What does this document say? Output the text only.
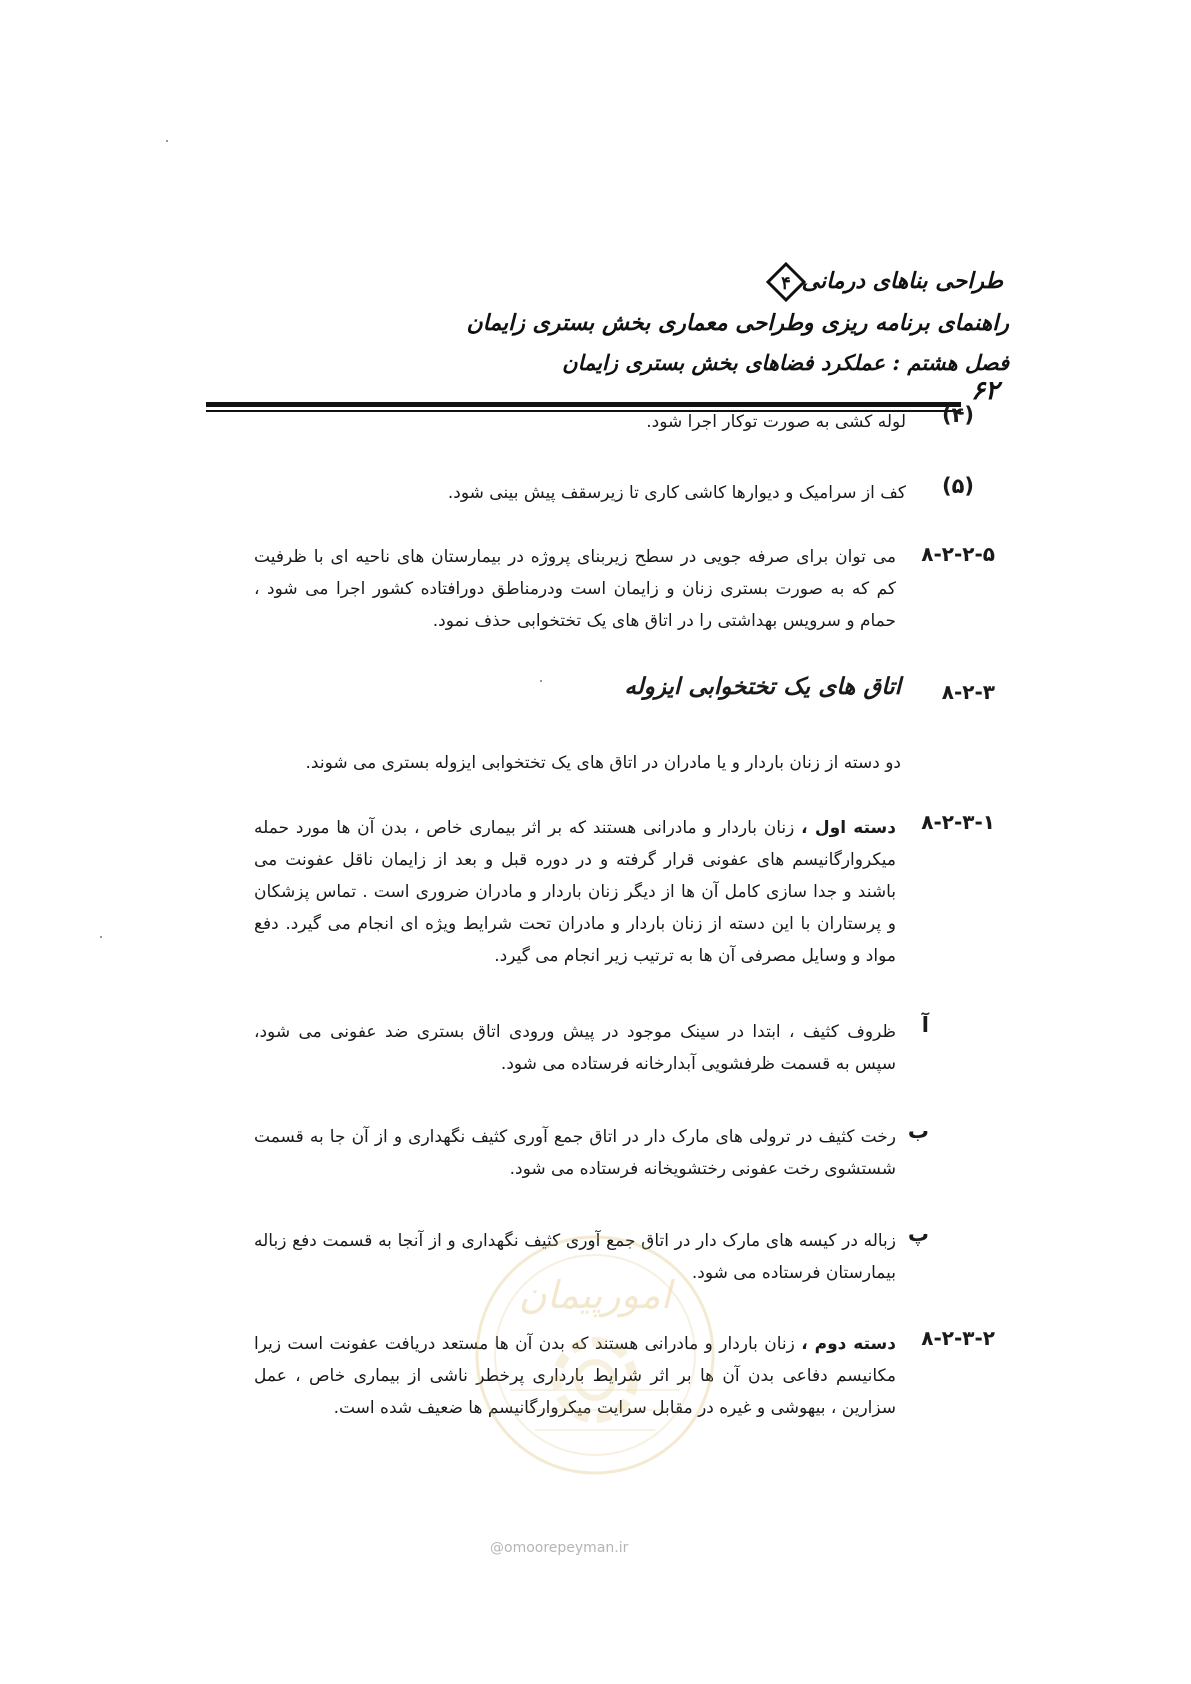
طراحی بناهای درمانی
۴
راهنمای برنامه ریزی وطراحی معماری بخش بستری زایمان
فصل هشتم : عملکرد فضاهای بخش بستری زایمان
۶۲
(۴)
لوله کشی به صورت توکار اجرا شود.
(۵)
کف از سرامیک و دیوارها کاشی کاری تا زیرسقف پیش بینی شود.
۸-۲-۲-۵
می توان برای صرفه جویی در سطح زیربنای پروژه در بیمارستان های ناحیه ای با ظرفیت کم که به صورت بستری زنان و زایمان است ودرمناطق دورافتاده کشور اجرا می شود ، حمام و سرویس بهداشتی را در اتاق های یک تختخوابی حذف نمود.
۸-۲-۳
اتاق های یک تختخوابی ایزوله
دو دسته از زنان باردار و یا مادران در اتاق های یک تختخوابی ایزوله بستری می شوند.
۸-۲-۳-۱
دسته اول ، زنان باردار و مادرانی هستند که بر اثر بیماری خاص ، بدن آن ها مورد حمله میکروارگانیسم های عفونی قرار گرفته و در دوره قبل و بعد از زایمان ناقل عفونت می باشند و جدا سازی کامل آن ها از دیگر زنان باردار و مادران ضروری است . تماس پزشکان و پرستاران با این دسته از زنان باردار و مادران تحت شرایط ویژه ای انجام می گیرد. دفع مواد و وسایل مصرفی آن ها به ترتیب زیر انجام می گیرد.
آ
ظروف کثیف ، ابتدا در سینک موجود در پیش ورودی اتاق بستری ضد عفونی می شود، سپس به قسمت ظرفشویی آبدارخانه فرستاده می شود.
ب
رخت کثیف در ترولی های مارک دار در اتاق جمع آوری کثیف نگهداری و از آن جا به قسمت شستشوی رخت عفونی رختشویخانه فرستاده می شود.
پ
زباله در کیسه های مارک دار در اتاق جمع آوری کثیف نگهداری و از آنجا به قسمت دفع زباله بیمارستان فرستاده می شود.
۸-۲-۳-۲
دسته دوم ، زنان باردار و مادرانی هستند که بدن آن ها مستعد دریافت عفونت است زیرا مکانیسم دفاعی بدن آن ها بر اثر شرایط بارداری پرخطر ناشی از بیماری خاص ، عمل سزارین ، بیهوشی و غیره در مقابل سرایت میکروارگانیسم ها ضعیف شده است.
امورپیمان
@omoorepeyman.ir
